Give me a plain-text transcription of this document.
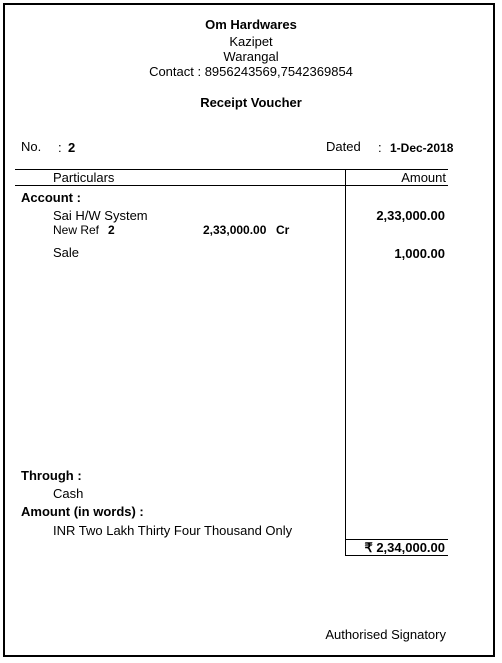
Om Hardwares
Kazipet
Warangal
Contact : 8956243569,7542369854
Receipt Voucher
No. : 2	Dated : 1-Dec-2018
Particulars	Amount
Account :
Sai H/W System	2,33,000.00
New Ref 2	2,33,000.00 Cr
Sale	1,000.00
Through :
Cash
Amount (in words) :
INR Two Lakh Thirty Four Thousand Only
₹ 2,34,000.00
Authorised Signatory
